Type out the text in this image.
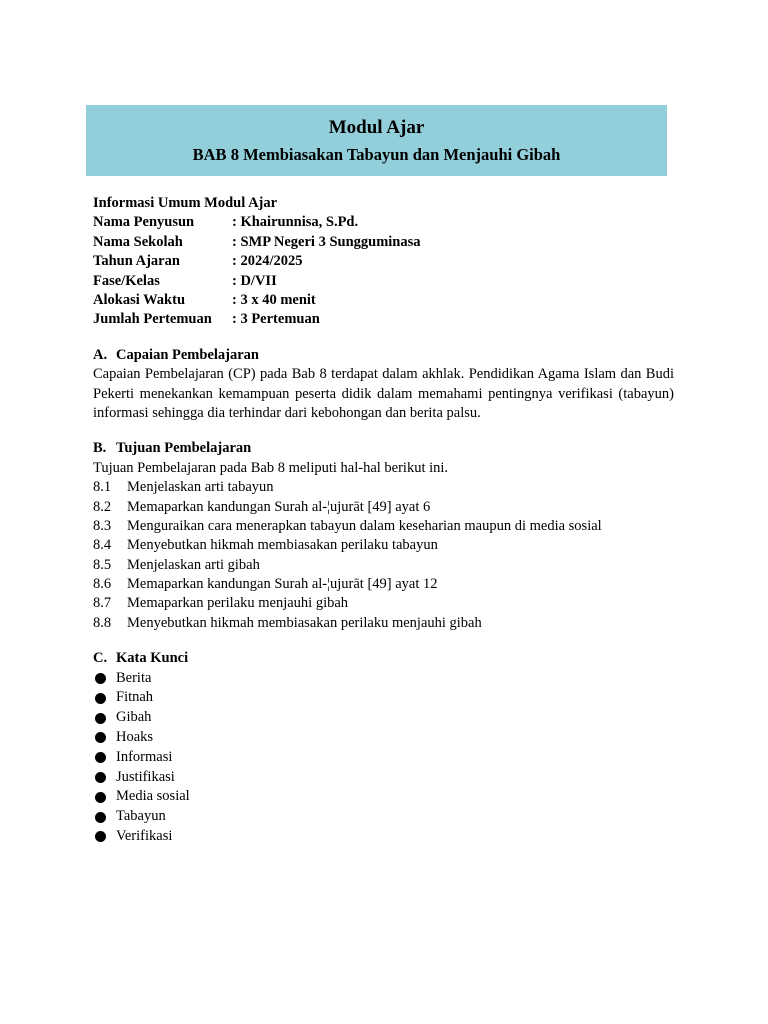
Modul Ajar
BAB 8 Membiasakan Tabayun dan Menjauhi Gibah
Informasi Umum Modul Ajar
Nama Penyusun	: Khairunnisa, S.Pd.
Nama Sekolah	: SMP Negeri 3 Sungguminasa
Tahun Ajaran	: 2024/2025
Fase/Kelas	: D/VII
Alokasi Waktu	: 3 x 40 menit
Jumlah Pertemuan	: 3 Pertemuan
A. Capaian Pembelajaran
Capaian Pembelajaran (CP) pada Bab 8 terdapat dalam akhlak. Pendidikan Agama Islam dan Budi Pekerti menekankan kemampuan peserta didik dalam memahami pentingnya verifikasi (tabayun) informasi sehingga dia terhindar dari kebohongan dan berita palsu.
B. Tujuan Pembelajaran
Tujuan Pembelajaran pada Bab 8 meliputi hal-hal berikut ini.
8.1	Menjelaskan arti tabayun
8.2	Memaparkan kandungan Surah al-¦ujurāt [49] ayat 6
8.3	Menguraikan cara menerapkan tabayun dalam keseharian maupun di media sosial
8.4	Menyebutkan hikmah membiasakan perilaku tabayun
8.5	Menjelaskan arti gibah
8.6	Memaparkan kandungan Surah al-¦ujurāt [49] ayat 12
8.7	Memaparkan perilaku menjauhi gibah
8.8	Menyebutkan hikmah membiasakan perilaku menjauhi gibah
C. Kata Kunci
Berita
Fitnah
Gibah
Hoaks
Informasi
Justifikasi
Media sosial
Tabayun
Verifikasi
